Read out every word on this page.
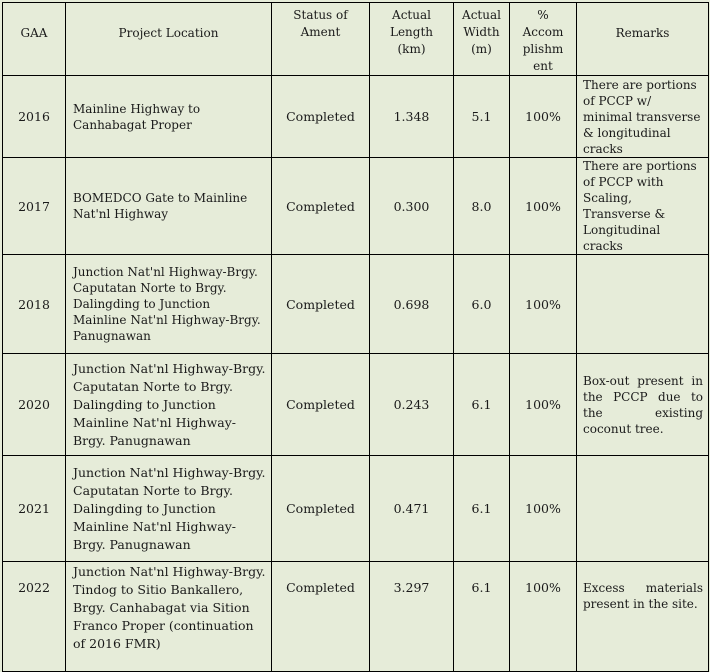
GAA	Project Location	Status of Ament	Actual Length (km)	Actual Width (m)	% Accom plishm ent	Remarks
2016	Mainline Highway to Canhabagat Proper	Completed	1.348	5.1	100%	There are portions of PCCP w/ minimal transverse & longitudinal cracks
2017	BOMEDCO Gate to Mainline Nat'nl Highway	Completed	0.300	8.0	100%	There are portions of PCCP with Scaling, Transverse & Longitudinal cracks
2018	Junction Nat'nl Highway-Brgy. Caputatan Norte to Brgy. Dalingding to Junction Mainline Nat'nl Highway-Brgy. Panugnawan	Completed	0.698	6.0	100%	
2020	Junction Nat'nl Highway-Brgy. Caputatan Norte to Brgy. Dalingding to Junction Mainline Nat'nl Highway-Brgy. Panugnawan	Completed	0.243	6.1	100%	Box-out present in the PCCP due to the existing coconut tree.
2021	Junction Nat'nl Highway-Brgy. Caputatan Norte to Brgy. Dalingding to Junction Mainline Nat'nl Highway-Brgy. Panugnawan	Completed	0.471	6.1	100%	
2022	Junction Nat'nl Highway-Brgy. Tindog to Sitio Bankallero, Brgy. Canhabagat via Sition Franco Proper (continuation of 2016 FMR)	Completed	3.297	6.1	100%	Excess materials present in the site.
